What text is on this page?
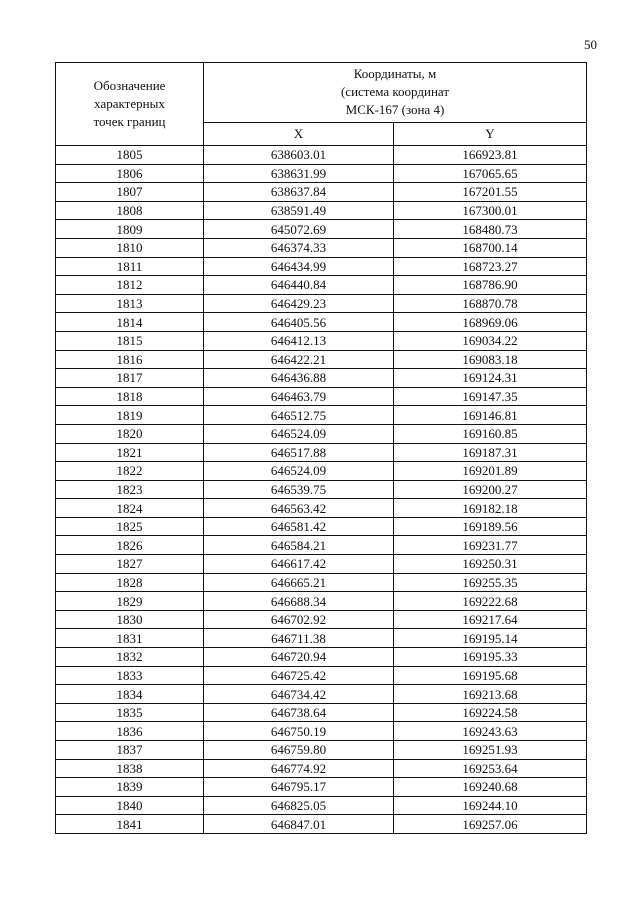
50
Обозначение
характерных
точек границ	Координаты, м
(система координат
МСК-167 (зона 4)	
	X	Y
1805	638603.01	166923.81
1806	638631.99	167065.65
1807	638637.84	167201.55
1808	638591.49	167300.01
1809	645072.69	168480.73
1810	646374.33	168700.14
1811	646434.99	168723.27
1812	646440.84	168786.90
1813	646429.23	168870.78
1814	646405.56	168969.06
1815	646412.13	169034.22
1816	646422.21	169083.18
1817	646436.88	169124.31
1818	646463.79	169147.35
1819	646512.75	169146.81
1820	646524.09	169160.85
1821	646517.88	169187.31
1822	646524.09	169201.89
1823	646539.75	169200.27
1824	646563.42	169182.18
1825	646581.42	169189.56
1826	646584.21	169231.77
1827	646617.42	169250.31
1828	646665.21	169255.35
1829	646688.34	169222.68
1830	646702.92	169217.64
1831	646711.38	169195.14
1832	646720.94	169195.33
1833	646725.42	169195.68
1834	646734.42	169213.68
1835	646738.64	169224.58
1836	646750.19	169243.63
1837	646759.80	169251.93
1838	646774.92	169253.64
1839	646795.17	169240.68
1840	646825.05	169244.10
1841	646847.01	169257.06
